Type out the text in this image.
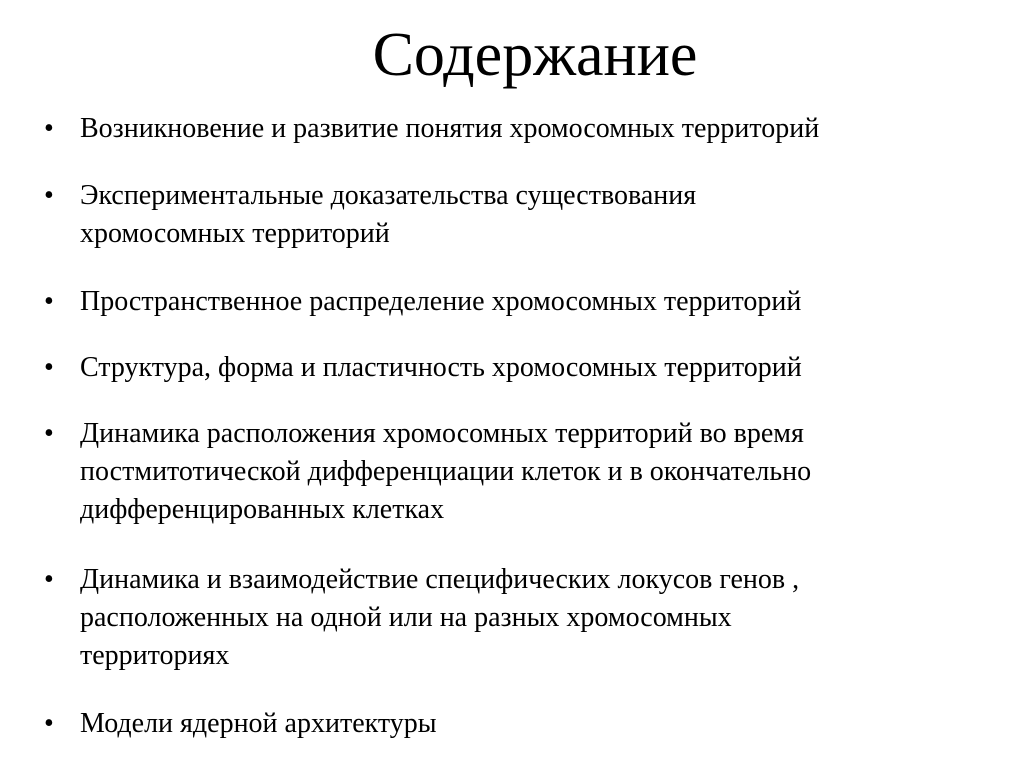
Содержание
• Возникновение и развитие понятия хромосомных территорий
• Экспериментальные доказательства существования
хромосомных территорий
• Пространственное распределение хромосомных территорий
• Структура, форма и пластичность хромосомных территорий
• Динамика расположения хромосомных территорий во время
постмитотической дифференциации клеток и в окончательно
дифференцированных клетках
• Динамика и взаимодействие специфических локусов генов ,
расположенных на одной или на разных хромосомных
территориях
• Модели ядерной архитектуры
